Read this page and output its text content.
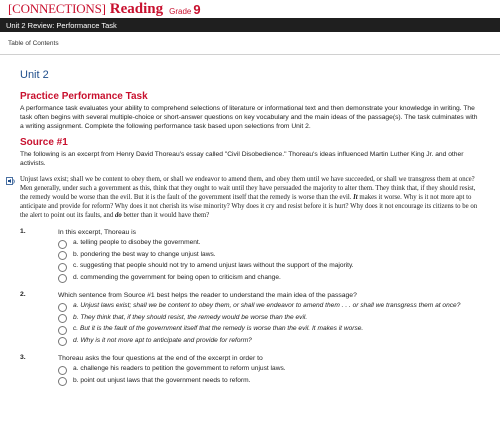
[CONNECTIONS] Reading Grade 9
Unit 2 Review: Performance Task
Table of Contents
Unit 2
Practice Performance Task

A performance task evaluates your ability to comprehend selections of literature or informational text and then demonstrate your knowledge in writing. The task often begins with several multiple-choice or short-answer questions on key vocabulary and the main ideas of the passage(s). The task culminates with a writing assignment. Complete the following performance task based upon selections from Unit 2.

Source #1

The following is an excerpt from Henry David Thoreau's essay called "Civil Disobedience." Thoreau's ideas influenced Martin Luther King Jr. and other activists.

Unjust laws exist; shall we be content to obey them, or shall we endeavor to amend them, and obey them until we have succeeded, or shall we transgress them at once? Men generally, under such a government as this, think that they ought to wait until they have persuaded the majority to alter them. They think that, if they should resist, the remedy would be worse than the evil. But it is the fault of the government itself that the remedy is worse than the evil. It makes it worse. Why is it not more apt to anticipate and provide for reform? Why does it not cherish its wise minority? Why does it cry and resist before it is hurt? Why does it not encourage its citizens to be on the alert to point out its faults, and do better than it would have them?
1.	In this excerpt, Thoreau is
a. telling people to disobey the government.
b. pondering the best way to change unjust laws.
c. suggesting that people should not try to amend unjust laws without the support of the majority.
d. commending the government for being open to criticism and change.
2.	Which sentence from Source #1 best helps the reader to understand the main idea of the passage?
a. Unjust laws exist; shall we be content to obey them, or shall we endeavor to amend them . . . or shall we transgress them at once?
b. They think that, if they should resist, the remedy would be worse than the evil.
c. But it is the fault of the government itself that the remedy is worse than the evil. It makes it worse.
d. Why is it not more apt to anticipate and provide for reform?
3.	Thoreau asks the four questions at the end of the excerpt in order to
a. challenge his readers to petition the government to reform unjust laws.
b. point out unjust laws that the government needs to reform.
